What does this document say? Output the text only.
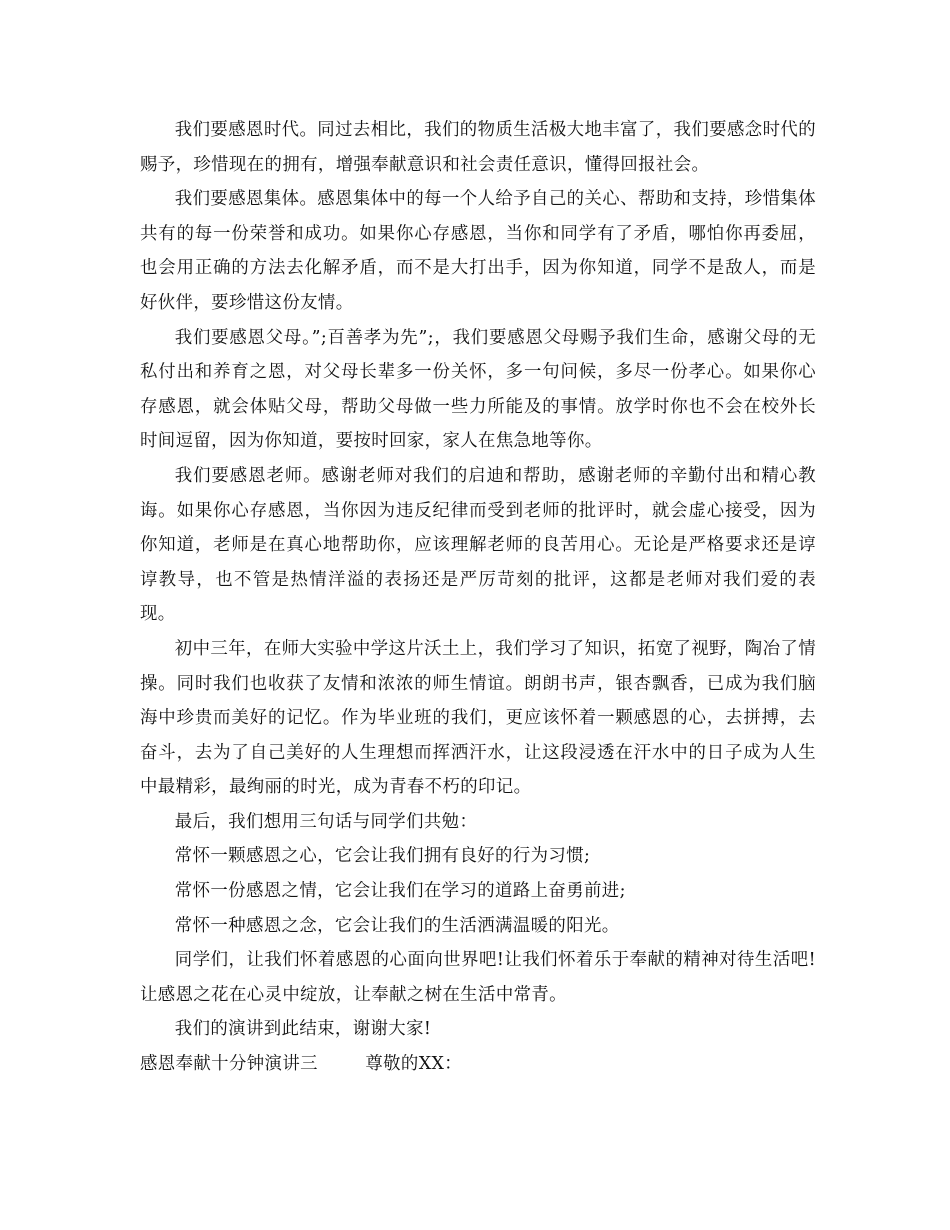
我们要感恩时代。同过去相比，我们的物质生活极大地丰富了，我们要感念时代的赐予，珍惜现在的拥有，增强奉献意识和社会责任意识，懂得回报社会。

我们要感恩集体。感恩集体中的每一个人给予自己的关心、帮助和支持，珍惜集体共有的每一份荣誉和成功。如果你心存感恩，当你和同学有了矛盾，哪怕你再委屈，也会用正确的方法去化解矛盾，而不是大打出手，因为你知道，同学不是敌人，而是好伙伴，要珍惜这份友情。

我们要感恩父母。”;百善孝为先”;，我们要感恩父母赐予我们生命，感谢父母的无私付出和养育之恩，对父母长辈多一份关怀，多一句问候，多尽一份孝心。如果你心存感恩，就会体贴父母，帮助父母做一些力所能及的事情。放学时你也不会在校外长时间逗留，因为你知道，要按时回家，家人在焦急地等你。

我们要感恩老师。感谢老师对我们的启迪和帮助，感谢老师的辛勤付出和精心教诲。如果你心存感恩，当你因为违反纪律而受到老师的批评时，就会虚心接受，因为你知道，老师是在真心地帮助你，应该理解老师的良苦用心。无论是严格要求还是谆谆教导，也不管是热情洋溢的表扬还是严厉苛刻的批评，这都是老师对我们爱的表现。

初中三年，在师大实验中学这片沃土上，我们学习了知识，拓宽了视野，陶冶了情操。同时我们也收获了友情和浓浓的师生情谊。朗朗书声，银杏飘香，已成为我们脑海中珍贵而美好的记忆。作为毕业班的我们，更应该怀着一颗感恩的心，去拼搏，去奋斗，去为了自己美好的人生理想而挥洒汗水，让这段浸透在汗水中的日子成为人生中最精彩，最绚丽的时光，成为青春不朽的印记。

最后，我们想用三句话与同学们共勉：

常怀一颗感恩之心，它会让我们拥有良好的行为习惯;

常怀一份感恩之情，它会让我们在学习的道路上奋勇前进;

常怀一种感恩之念，它会让我们的生活洒满温暖的阳光。

同学们，让我们怀着感恩的心面向世界吧!让我们怀着乐于奉献的精神对待生活吧!让感恩之花在心灵中绽放，让奉献之树在生活中常青。

我们的演讲到此结束，谢谢大家!

感恩奉献十分钟演讲三        尊敬的XX：
